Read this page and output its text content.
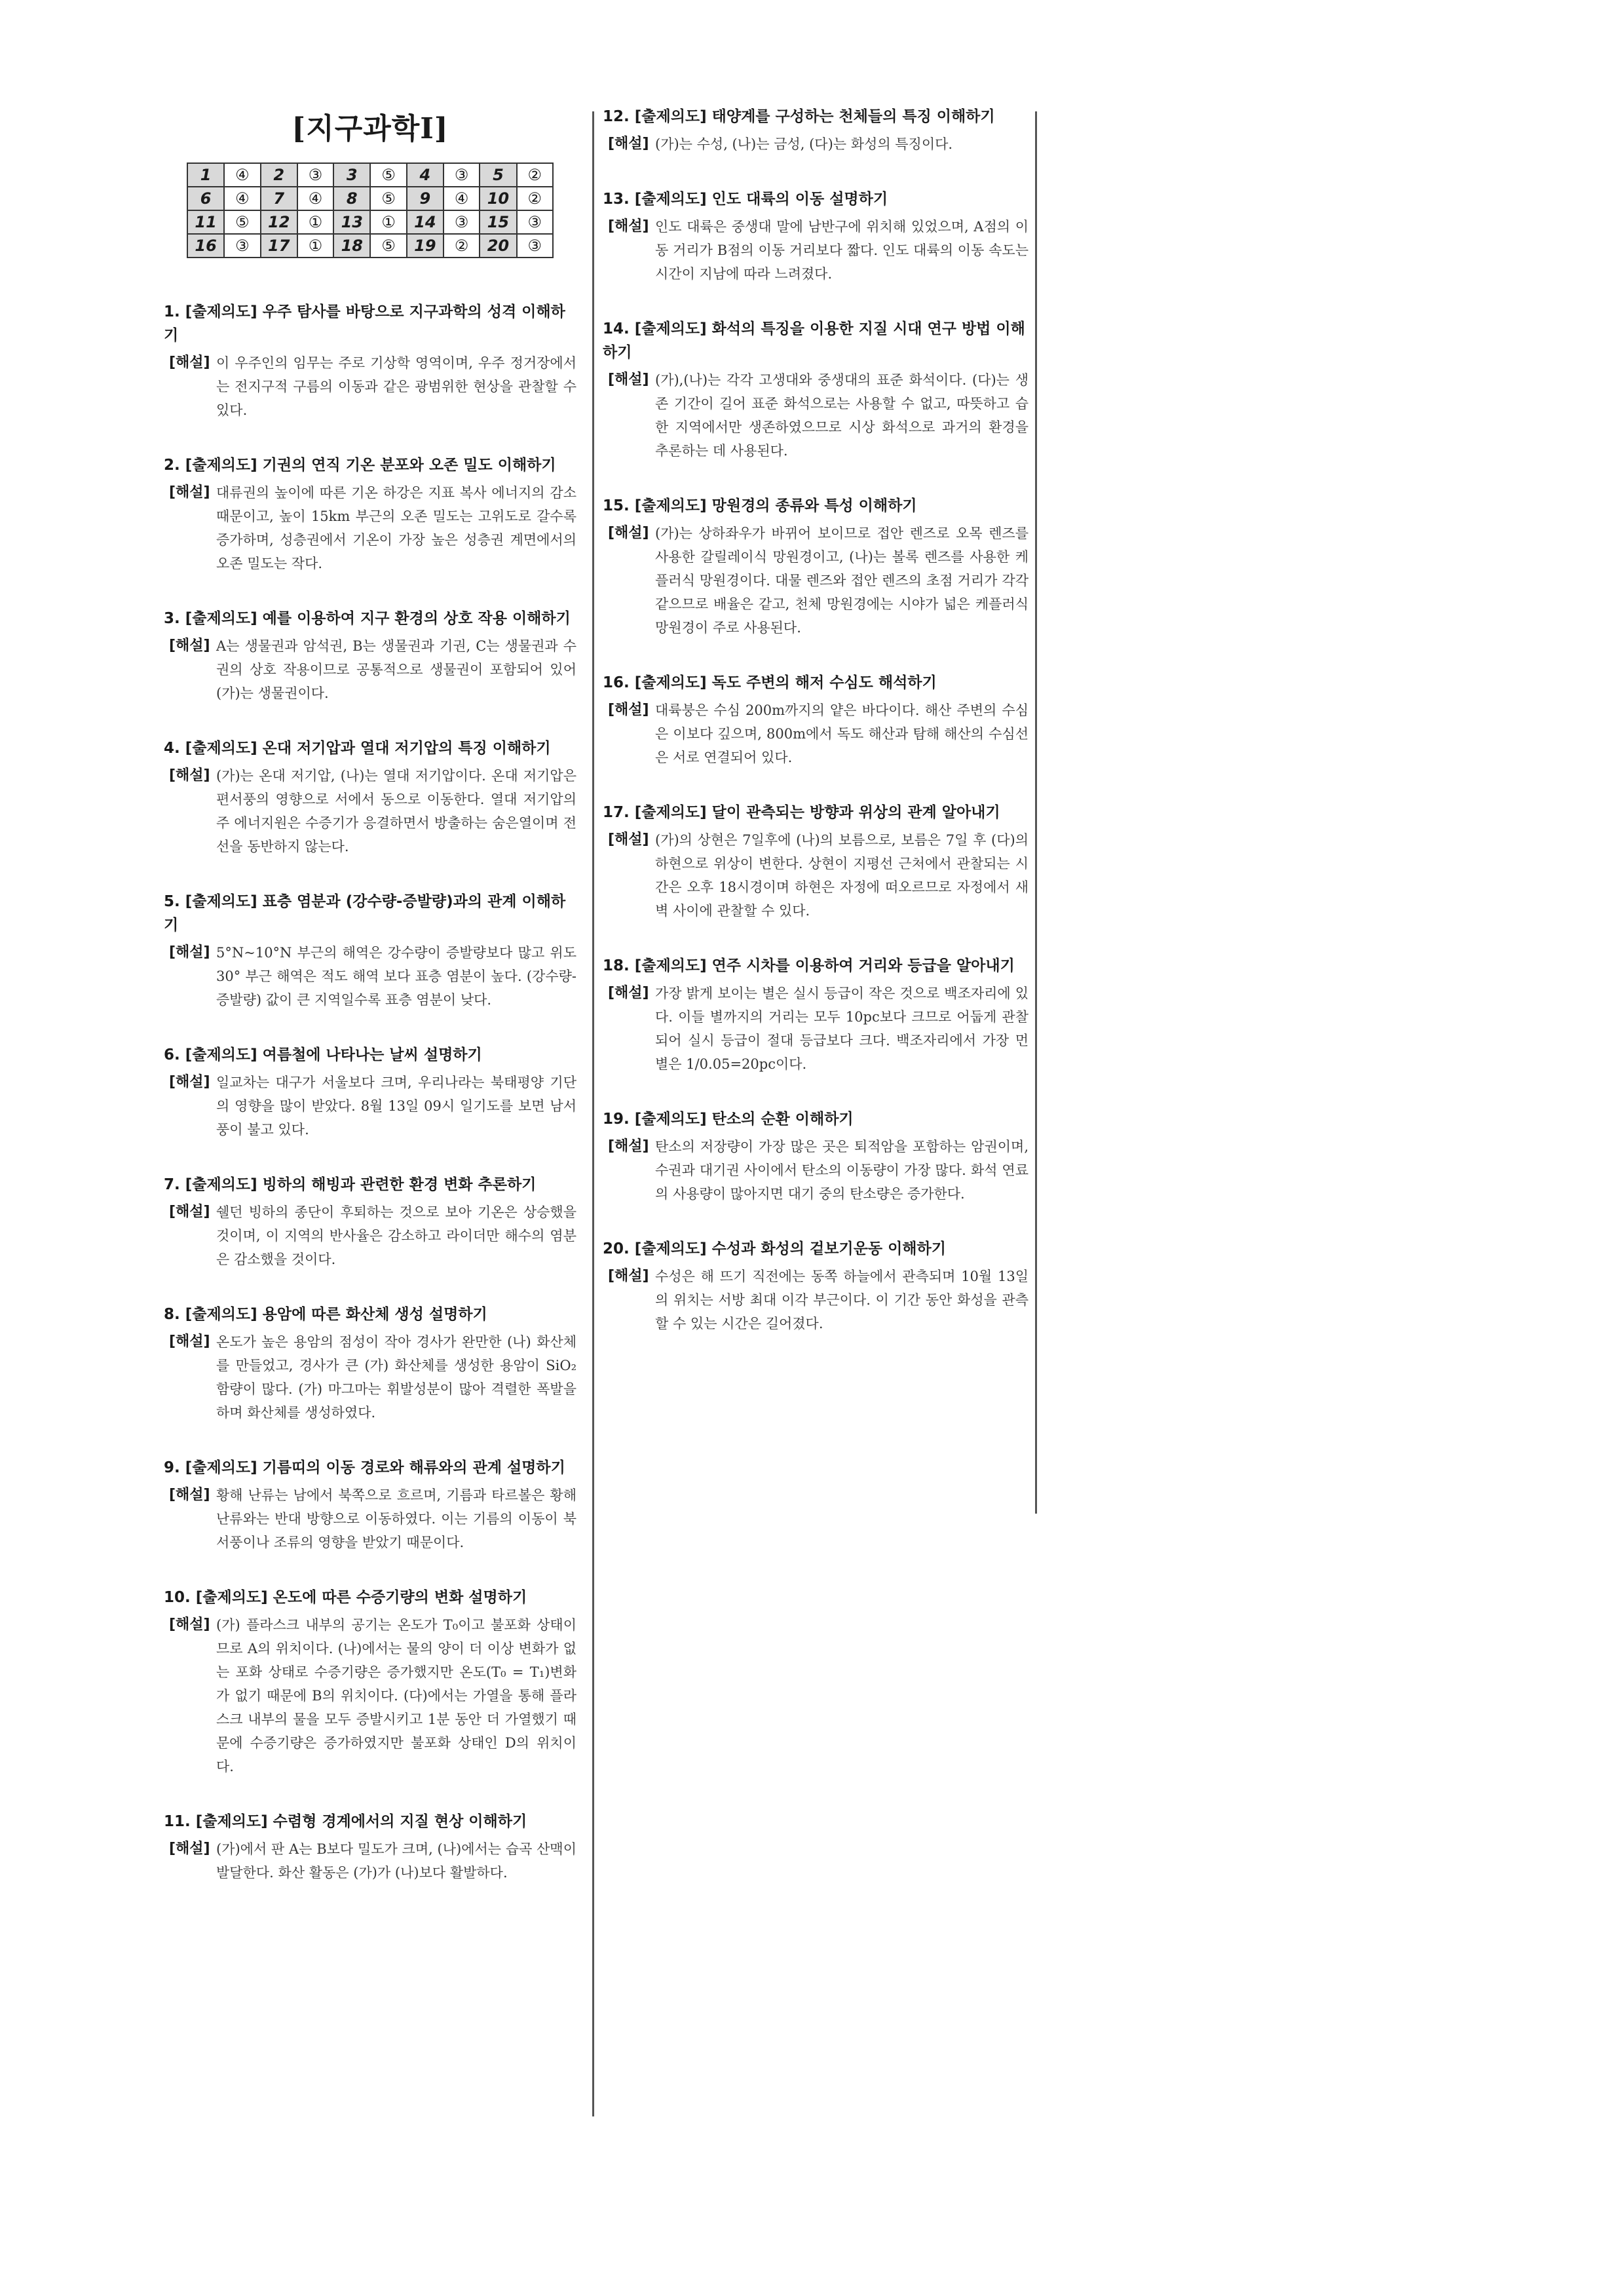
[지구과학Ⅰ]
1	④	2	③	3	⑤	4	③	5	②
6	④	7	④	8	⑤	9	④	10	②
11	⑤	12	①	13	①	14	③	15	③
16	③	17	①	18	⑤	19	②	20	③
1. [출제의도] 우주 탐사를 바탕으로 지구과학의 성격 이해하기
[해설] 이 우주인의 임무는 주로 기상학 영역이며, 우주 정거장에서는 전지구적 구름의 이동과 같은 광범위한 현상을 관찰할 수 있다.
2. [출제의도] 기권의 연직 기온 분포와 오존 밀도 이해하기
[해설] 대류권의 높이에 따른 기온 하강은 지표 복사 에너지의 감소 때문이고, 높이 15km 부근의 오존 밀도는 고위도로 갈수록 증가하며, 성층권에서 기온이 가장 높은 성층권 계면에서의 오존 밀도는 작다.
3. [출제의도] 예를 이용하여 지구 환경의 상호 작용 이해하기
[해설] A는 생물권과 암석권, B는 생물권과 기권, C는 생물권과 수권의 상호 작용이므로 공통적으로 생물권이 포함되어 있어 (가)는 생물권이다.
4. [출제의도] 온대 저기압과 열대 저기압의 특징 이해하기
[해설] (가)는 온대 저기압, (나)는 열대 저기압이다. 온대 저기압은 편서풍의 영향으로 서에서 동으로 이동한다. 열대 저기압의 주 에너지원은 수증기가 응결하면서 방출하는 숨은열이며 전선을 동반하지 않는다.
5. [출제의도] 표층 염분과 (강수량-증발량)과의 관계 이해하기
[해설] 5°N~10°N 부근의 해역은 강수량이 증발량보다 많고 위도 30° 부근 해역은 적도 해역 보다 표층 염분이 높다. (강수량-증발량) 값이 큰 지역일수록 표층 염분이 낮다.
6. [출제의도] 여름철에 나타나는 날씨 설명하기
[해설] 일교차는 대구가 서울보다 크며, 우리나라는 북태평양 기단의 영향을 많이 받았다. 8월 13일 09시 일기도를 보면 남서풍이 불고 있다.
7. [출제의도] 빙하의 해빙과 관련한 환경 변화 추론하기
[해설] 쉘던 빙하의 종단이 후퇴하는 것으로 보아 기온은 상승했을 것이며, 이 지역의 반사율은 감소하고 라이더만 해수의 염분은 감소했을 것이다.
8. [출제의도] 용암에 따른 화산체 생성 설명하기
[해설] 온도가 높은 용암의 점성이 작아 경사가 완만한 (나) 화산체를 만들었고, 경사가 큰 (가) 화산체를 생성한 용암이 SiO₂ 함량이 많다. (가) 마그마는 휘발성분이 많아 격렬한 폭발을 하며 화산체를 생성하였다.
9. [출제의도] 기름띠의 이동 경로와 해류와의 관계 설명하기
[해설] 황해 난류는 남에서 북쪽으로 흐르며, 기름과 타르볼은 황해 난류와는 반대 방향으로 이동하였다. 이는 기름의 이동이 북서풍이나 조류의 영향을 받았기 때문이다.
10. [출제의도] 온도에 따른 수증기량의 변화 설명하기
[해설] (가) 플라스크 내부의 공기는 온도가 T₀이고 불포화 상태이므로 A의 위치이다. (나)에서는 물의 양이 더 이상 변화가 없는 포화 상태로 수증기량은 증가했지만 온도(T₀ = T₁)변화가 없기 때문에 B의 위치이다. (다)에서는 가열을 통해 플라스크 내부의 물을 모두 증발시키고 1분 동안 더 가열했기 때문에 수증기량은 증가하였지만 불포화 상태인 D의 위치이다.
11. [출제의도] 수렴형 경계에서의 지질 현상 이해하기
[해설] (가)에서 판 A는 B보다 밀도가 크며, (나)에서는 습곡 산맥이 발달한다. 화산 활동은 (가)가 (나)보다 활발하다.
12. [출제의도] 태양계를 구성하는 천체들의 특징 이해하기
[해설] (가)는 수성, (나)는 금성, (다)는 화성의 특징이다.
13. [출제의도] 인도 대륙의 이동 설명하기
[해설] 인도 대륙은 중생대 말에 남반구에 위치해 있었으며, A점의 이동 거리가 B점의 이동 거리보다 짧다. 인도 대륙의 이동 속도는 시간이 지남에 따라 느려졌다.
14. [출제의도] 화석의 특징을 이용한 지질 시대 연구 방법 이해하기
[해설] (가),(나)는 각각 고생대와 중생대의 표준 화석이다. (다)는 생존 기간이 길어 표준 화석으로는 사용할 수 없고, 따뜻하고 습한 지역에서만 생존하였으므로 시상 화석으로 과거의 환경을 추론하는 데 사용된다.
15. [출제의도] 망원경의 종류와 특성 이해하기
[해설] (가)는 상하좌우가 바뀌어 보이므로 접안 렌즈로 오목 렌즈를 사용한 갈릴레이식 망원경이고, (나)는 볼록 렌즈를 사용한 케플러식 망원경이다. 대물 렌즈와 접안 렌즈의 초점 거리가 각각 같으므로 배율은 같고, 천체 망원경에는 시야가 넓은 케플러식 망원경이 주로 사용된다.
16. [출제의도] 독도 주변의 해저 수심도 해석하기
[해설] 대륙붕은 수심 200m까지의 얕은 바다이다. 해산 주변의 수심은 이보다 깊으며, 800m에서 독도 해산과 탐해 해산의 수심선은 서로 연결되어 있다.
17. [출제의도] 달이 관측되는 방향과 위상의 관계 알아내기
[해설] (가)의 상현은 7일후에 (나)의 보름으로, 보름은 7일 후 (다)의 하현으로 위상이 변한다. 상현이 지평선 근처에서 관찰되는 시간은 오후 18시경이며 하현은 자정에 떠오르므로 자정에서 새벽 사이에 관찰할 수 있다.
18. [출제의도] 연주 시차를 이용하여 거리와 등급을 알아내기
[해설] 가장 밝게 보이는 별은 실시 등급이 작은 것으로 백조자리에 있다. 이들 별까지의 거리는 모두 10pc보다 크므로 어둡게 관찰되어 실시 등급이 절대 등급보다 크다. 백조자리에서 가장 먼 별은 1/0.05=20pc이다.
19. [출제의도] 탄소의 순환 이해하기
[해설] 탄소의 저장량이 가장 많은 곳은 퇴적암을 포함하는 암권이며, 수권과 대기권 사이에서 탄소의 이동량이 가장 많다. 화석 연료의 사용량이 많아지면 대기 중의 탄소량은 증가한다.
20. [출제의도] 수성과 화성의 겉보기운동 이해하기
[해설] 수성은 해 뜨기 직전에는 동쪽 하늘에서 관측되며 10월 13일의 위치는 서방 최대 이각 부근이다. 이 기간 동안 화성을 관측할 수 있는 시간은 길어졌다.
